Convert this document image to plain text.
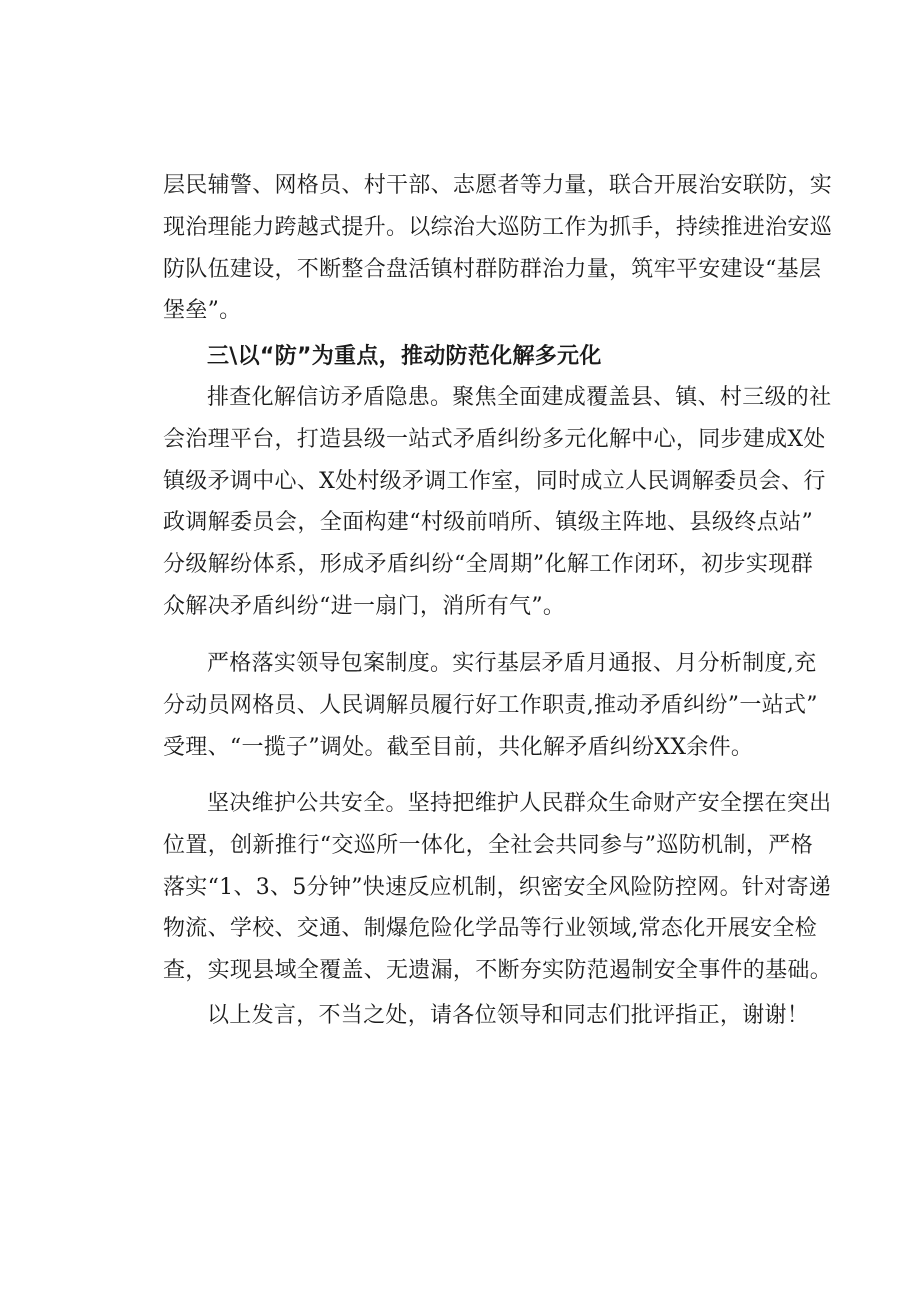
层民辅警、网格员、村干部、志愿者等力量，联合开展治安联防，实
现治理能力跨越式提升。以综治大巡防工作为抓手，持续推进治安巡
防队伍建设，不断整合盘活镇村群防群治力量，筑牢平安建设“基层
堡垒”。
三\以“防”为重点，推动防范化解多元化
排查化解信访矛盾隐患。聚焦全面建成覆盖县、镇、村三级的社
会治理平台，打造县级一站式矛盾纠纷多元化解中心，同步建成X处
镇级矛调中心、X处村级矛调工作室，同时成立人民调解委员会、行
政调解委员会，全面构建“村级前哨所、镇级主阵地、县级终点站”
分级解纷体系，形成矛盾纠纷“全周期”化解工作闭环，初步实现群
众解决矛盾纠纷“进一扇门，消所有气”。
严格落实领导包案制度。实行基层矛盾月通报、月分析制度,充
分动员网格员、人民调解员履行好工作职责,推动矛盾纠纷”一站式”
受理、“一揽子”调处。截至目前，共化解矛盾纠纷XX余件。
坚决维护公共安全。坚持把维护人民群众生命财产安全摆在突出
位置，创新推行“交巡所一体化，全社会共同参与”巡防机制，严格
落实“1、3、5分钟”快速反应机制，织密安全风险防控网。针对寄递
物流、学校、交通、制爆危险化学品等行业领域,常态化开展安全检
查，实现县域全覆盖、无遗漏，不断夯实防范遏制安全事件的基础。
以上发言，不当之处，请各位领导和同志们批评指正，谢谢！
